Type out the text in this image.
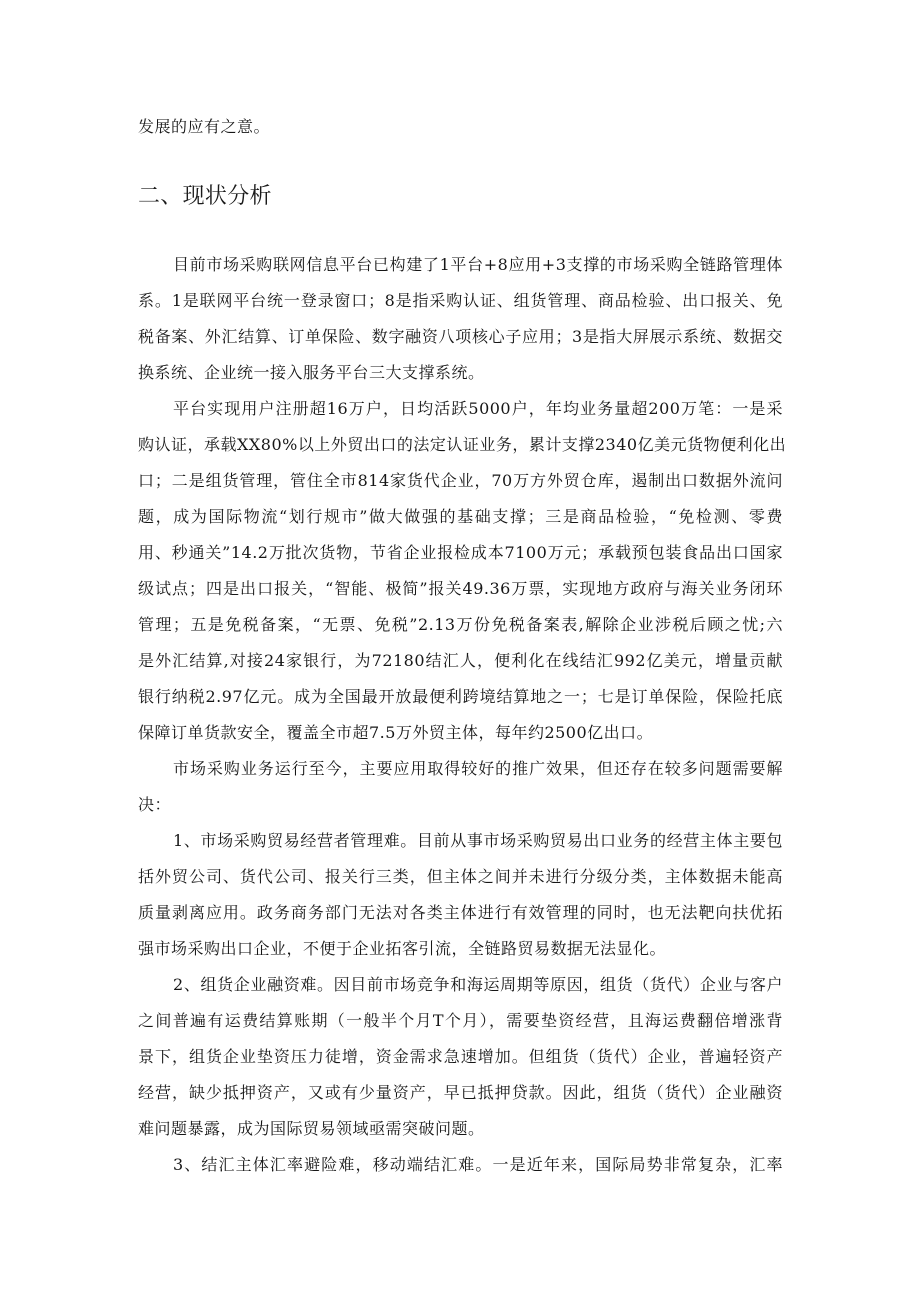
发展的应有之意。
二、现状分析

目前市场采购联网信息平台已构建了1平台+8应用+3支撑的市场采购全链路管理体
系。1是联网平台统一登录窗口；8是指采购认证、组货管理、商品检验、出口报关、免
税备案、外汇结算、订单保险、数字融资八项核心子应用；3是指大屏展示系统、数据交
换系统、企业统一接入服务平台三大支撑系统。

平台实现用户注册超16万户，日均活跃5000户，年均业务量超200万笔：一是采
购认证，承载XX80%以上外贸出口的法定认证业务，累计支撑2340亿美元货物便利化出
口；二是组货管理，管住全市814家货代企业，70万方外贸仓库，遏制出口数据外流问
题，成为国际物流“划行规市”做大做强的基础支撑；三是商品检验，“免检测、零费
用、秒通关”14.2万批次货物，节省企业报检成本7100万元；承载预包装食品出口国家
级试点；四是出口报关，“智能、极简”报关49.36万票，实现地方政府与海关业务闭环
管理；五是免税备案，“无票、免税”2.13万份免税备案表,解除企业涉税后顾之忧;六
是外汇结算,对接24家银行，为72180结汇人，便利化在线结汇992亿美元，增量贡献
银行纳税2.97亿元。成为全国最开放最便利跨境结算地之一；七是订单保险，保险托底
保障订单货款安全，覆盖全市超7.5万外贸主体，每年约2500亿出口。

市场采购业务运行至今，主要应用取得较好的推广效果，但还存在较多问题需要解
决：

1、市场采购贸易经营者管理难。目前从事市场采购贸易出口业务的经营主体主要包
括外贸公司、货代公司、报关行三类，但主体之间并未进行分级分类，主体数据未能高
质量剥离应用。政务商务部门无法对各类主体进行有效管理的同时，也无法靶向扶优拓
强市场采购出口企业，不便于企业拓客引流，全链路贸易数据无法显化。

2、组货企业融资难。因目前市场竞争和海运周期等原因，组货（货代）企业与客户
之间普遍有运费结算账期（一般半个月T个月），需要垫资经营，且海运费翻倍增涨背
景下，组货企业垫资压力徒增，资金需求急速增加。但组货（货代）企业，普遍轻资产
经营，缺少抵押资产，又或有少量资产，早已抵押贷款。因此，组货（货代）企业融资
难问题暴露，成为国际贸易领域亟需突破问题。

3、结汇主体汇率避险难，移动端结汇难。一是近年来，国际局势非常复杂，汇率
